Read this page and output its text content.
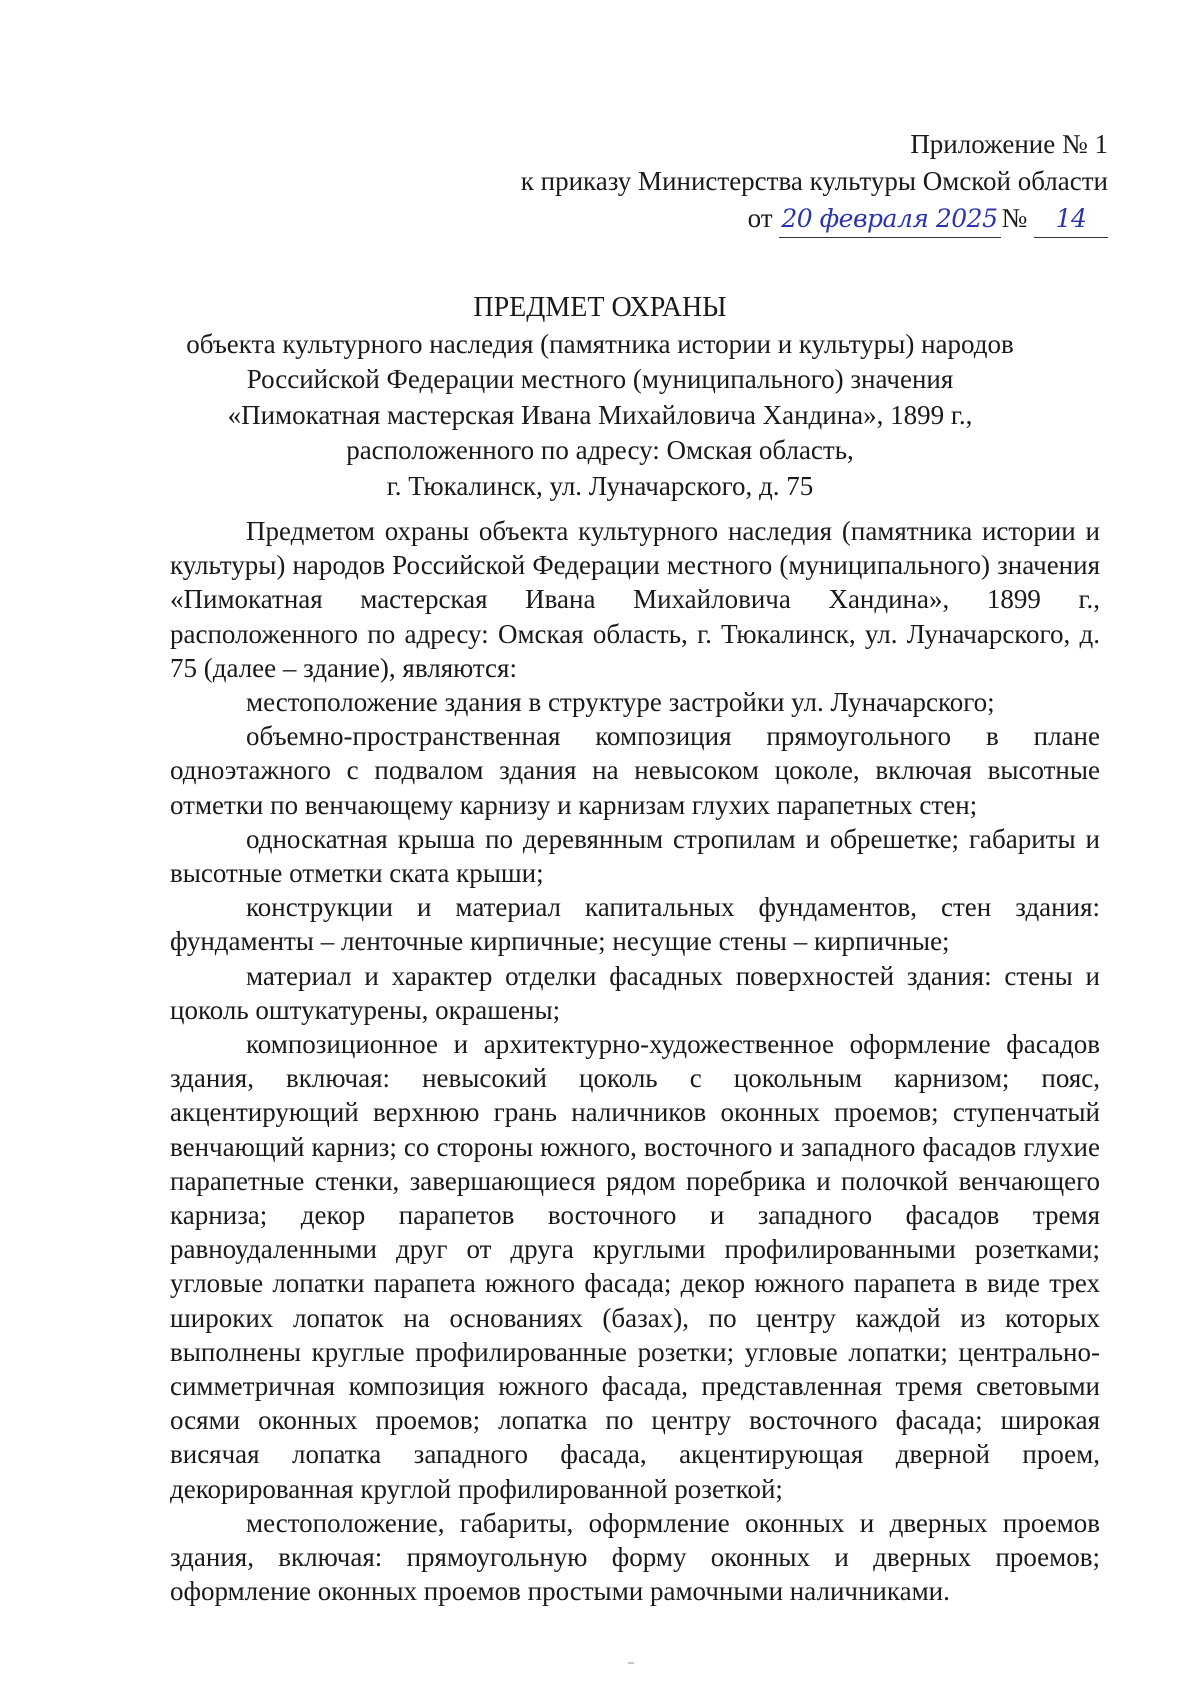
Приложение № 1
к приказу Министерства культуры Омской области
от 20 февраля 2025 № 14
ПРЕДМЕТ ОХРАНЫ
объекта культурного наследия (памятника истории и культуры) народов
Российской Федерации местного (муниципального) значения
«Пимокатная мастерская Ивана Михайловича Хандина», 1899 г.,
расположенного по адресу: Омская область,
г. Тюкалинск, ул. Луначарского, д. 75

Предметом охраны объекта культурного наследия (памятника истории и культуры) народов Российской Федерации местного (муниципального) значения «Пимокатная мастерская Ивана Михайловича Хандина», 1899 г., расположенного по адресу: Омская область, г. Тюкалинск, ул. Луначарского, д. 75 (далее – здание), являются:

местоположение здания в структуре застройки ул. Луначарского;

объемно-пространственная композиция прямоугольного в плане одноэтажного с подвалом здания на невысоком цоколе, включая высотные отметки по венчающему карнизу и карнизам глухих парапетных стен;

односкатная крыша по деревянным стропилам и обрешетке; габариты и высотные отметки ската крыши;

конструкции и материал капитальных фундаментов, стен здания: фундаменты – ленточные кирпичные; несущие стены – кирпичные;

материал и характер отделки фасадных поверхностей здания: стены и цоколь оштукатурены, окрашены;

композиционное и архитектурно-художественное оформление фасадов здания, включая: невысокий цоколь с цокольным карнизом; пояс, акцентирующий верхнюю грань наличников оконных проемов; ступенчатый венчающий карниз; со стороны южного, восточного и западного фасадов глухие парапетные стенки, завершающиеся рядом поребрика и полочкой венчающего карниза; декор парапетов восточного и западного фасадов тремя равноудаленными друг от друга круглыми профилированными розетками; угловые лопатки парапета южного фасада; декор южного парапета в виде трех широких лопаток на основаниях (базах), по центру каждой из которых выполнены круглые профилированные розетки; угловые лопатки; центрально-симметричная композиция южного фасада, представленная тремя световыми осями оконных проемов; лопатка по центру восточного фасада; широкая висячая лопатка западного фасада, акцентирующая дверной проем, декорированная круглой профилированной розеткой;

местоположение, габариты, оформление оконных и дверных проемов здания, включая: прямоугольную форму оконных и дверных проемов; оформление оконных проемов простыми рамочными наличниками.
